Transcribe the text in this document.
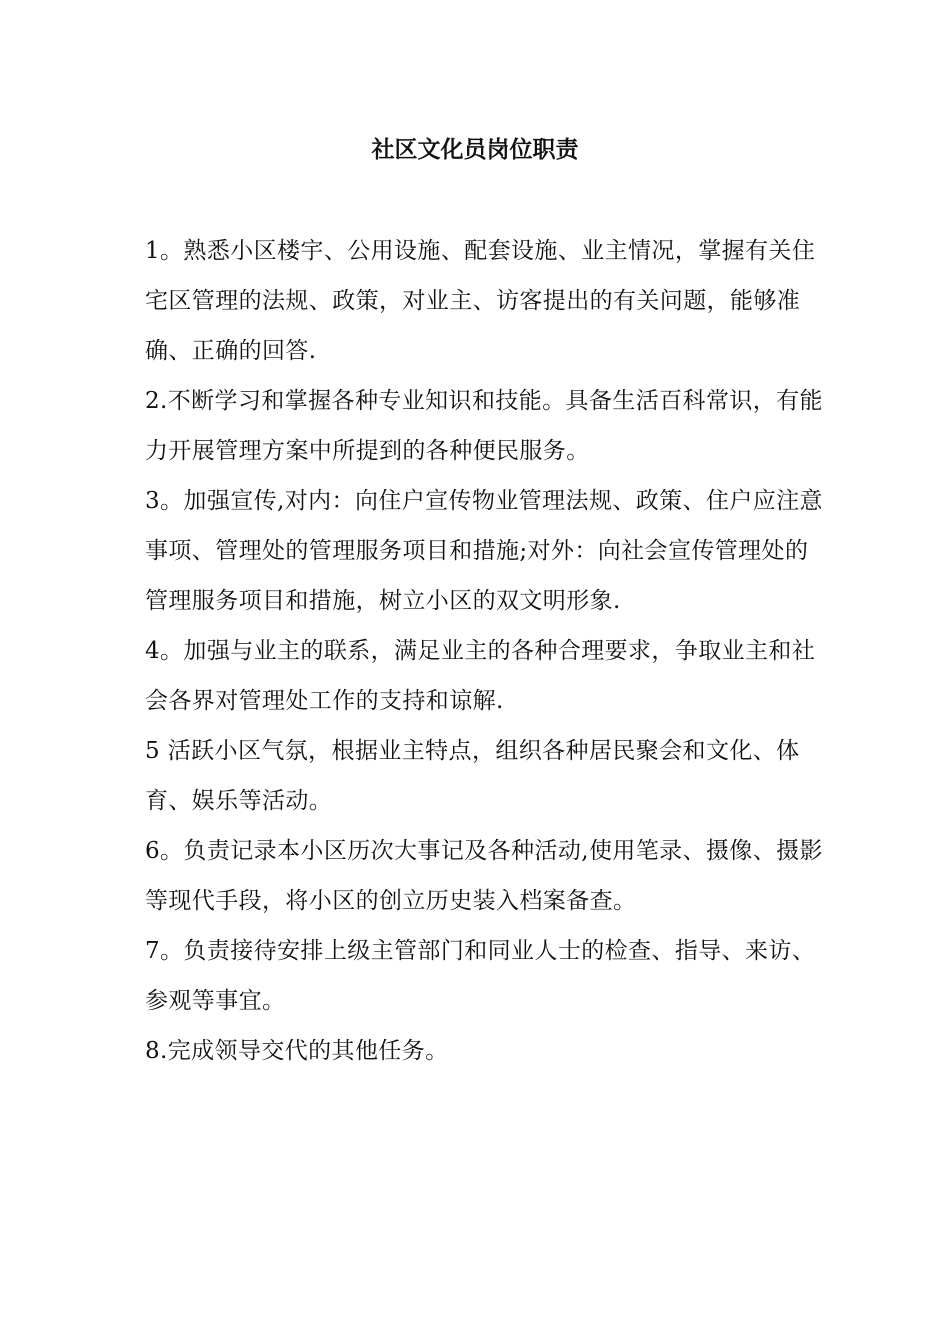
社区文化员岗位职责

1。熟悉小区楼宇、公用设施、配套设施、业主情况，掌握有关住宅区管理的法规、政策，对业主、访客提出的有关问题，能够准确、正确的回答.

2.不断学习和掌握各种专业知识和技能。具备生活百科常识，有能力开展管理方案中所提到的各种便民服务。

3。加强宣传,对内：向住户宣传物业管理法规、政策、住户应注意事项、管理处的管理服务项目和措施;对外：向社会宣传管理处的管理服务项目和措施，树立小区的双文明形象.

4。加强与业主的联系，满足业主的各种合理要求，争取业主和社会各界对管理处工作的支持和谅解.

5 活跃小区气氛，根据业主特点，组织各种居民聚会和文化、体育、娱乐等活动。

6。负责记录本小区历次大事记及各种活动,使用笔录、摄像、摄影等现代手段，将小区的创立历史装入档案备查。

7。负责接待安排上级主管部门和同业人士的检查、指导、来访、参观等事宜。

8.完成领导交代的其他任务。
